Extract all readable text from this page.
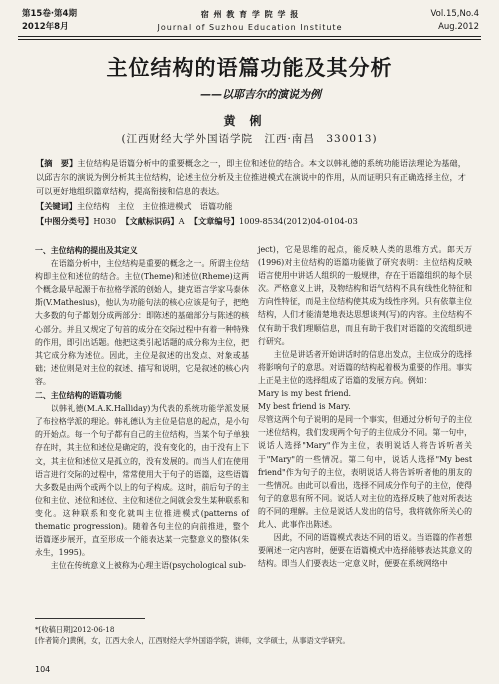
第15卷·第4期
2012年8月
宿 州 教 育 学 院 学 报
Journal of Suzhou Education Institute
Vol.15,No.4
Aug.2012
主位结构的语篇功能及其分析
——以耶吉尔的演说为例
黄俐
(江西财经大学外国语学院　江西·南昌　330013)
【摘　要】主位结构是语篇分析中的重要概念之一，即主位和述位的结合。本文以韩礼德的系统功能语法理论为基础，以邱吉尔的演说为例分析其主位结构，论述主位分析及主位推进模式在演说中的作用，从而证明只有正确选择主位，才可以更好地组织篇章结构，提高衔接和信息的表达。
【关键词】主位结构　主位　主位推进模式　语篇功能
【中图分类号】H030 【文献标识码】A 【文章编号】1009-8534(2012)04-0104-03

一、主位结构的提出及其定义

在语篇分析中，主位结构是重要的概念之一。所谓主位结构即主位和述位的结合。主位(Theme)和述位(Rheme)这两个概念最早起源于布拉格学派的创始人，捷克语言学家马泰休斯(V.Mathesius)，他认为功能句法的核心应该是句子，把绝大多数的句子都划分成两部分：即陈述的基础部分与陈述的核心部分。并且又规定了句首的成分在交际过程中有着一种特殊的作用，即引出话题。他把这类引起话题的成分称为主位，把其它成分称为述位。因此，主位是叙述的出发点、对象或基础；述位则是对主位的叙述、描写和说明，它是叙述的核心内容。

二、主位结构的语篇功能

以韩礼德(M.A.K.Halliday)为代表的系统功能学派发展了布拉格学派的理论。韩礼德认为主位是信息的起点，是小句的开始点。每一个句子都有自己的主位结构，当某个句子单独存在时，其主位和述位是确定的，没有变化的，由于没有上下文，其主位和述位又是孤立的，没有发展的。而当人们在使用语言进行交际的过程中，常常使用大于句子的语篇，这些语篇大多数是由两个或两个以上的句子构成。这时，前后句子的主位和主位、述位和述位、主位和述位之间就会发生某种联系和变化。这种联系和变化就叫主位推进模式(patterns of thematic progression)。随着各句主位的向前推进，整个语篇逐步展开，直至形成一个能表达某一完整意义的整体(朱永生，1995)。

主位在传统意义上被称为心理主语(psychological sub-

ject)，它是思维的起点，能反映人类的思维方式。郎天万(1996)对主位结构的语篇功能做了研究表明：主位结构反映语言使用中讲话人组织的一般规律，存在于语篇组织的每个层次。严格意义上讲，及物结构和语气结构不具有线性化特征和方向性特征，而是主位结构使其成为线性序列。只有依靠主位结构，人们才能清楚地表达思想谈判(写)的内容。主位结构不仅有助于我们理顺信息，而且有助于我们对语篇的交流组织进行研究。

主位是讲话者开始讲话时的信息出发点，主位成分的选择将影响句子的意思。对语篇的结构起着极为重要的作用。事实上正是主位的选择组成了语篇的发展方向。例如：

Mary is my best friend.

My best friend is Mary.

尽管这两个句子说明的是同一个事实，但通过分析句子的主位一述位结构，我们发现两个句子的主位成分不同。第一句中，说话人选择"Mary"作为主位，表明说话人将告诉听者关于"Mary"的一些情况。第二句中，说话人选择"My best friend"作为句子的主位，表明说话人将告诉听者他的朋友的一些情况。由此可以看出，选择不同成分作句子的主位，使得句子的意思有所不同。说话人对主位的选择反映了他对所表达的不同的理解。主位是说话人发出的信号，我将就你所关心的此人、此事作出陈述。

因此，不同的语篇模式表达不同的语义。当语篇的作者想要阐述一定内容时，便要在语篇模式中选择能够表达其意义的结构。即当人们要表达一定意义时，便要在系统网络中

*[收稿日期]2012-06-18
[作者简介]黄俐，女，江西大余人，江西财经大学外国语学院，讲师，文学硕士，从事语文学研究。
104
